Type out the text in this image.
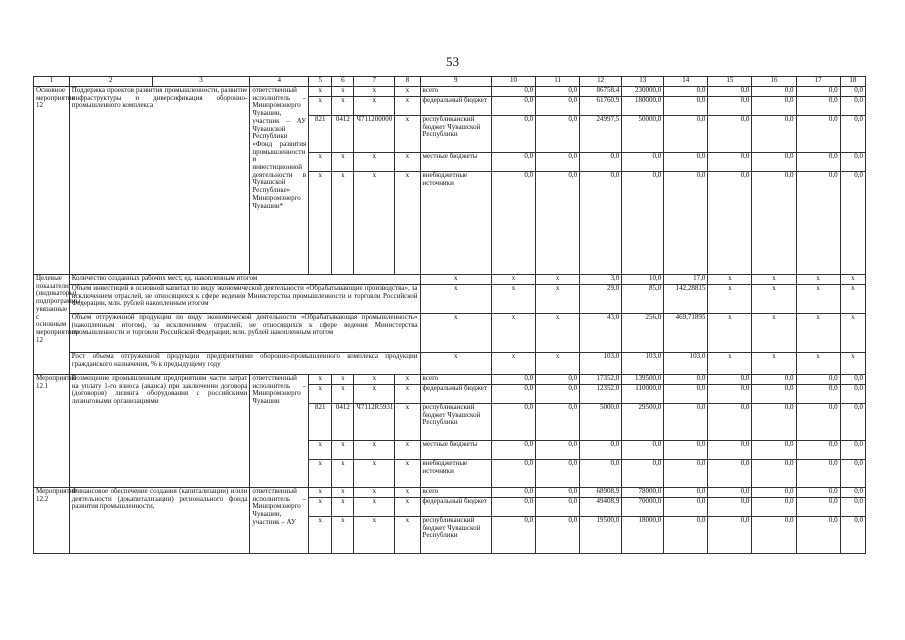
53
1	2	3	4	5	6	7	8	9	10	11	12	13	14	15	16	17	18
Основное мероприятие 12	Поддержка проектов развития промышленности, развитие инфраструктуры и диверсификация оборонно-промышленного комплекса		ответственный исполнитель – Минпромэнерго Чувашии, участник – АУ Чувашской Республики «Фонд развития промышленности и инвестиционной деятельности в Чувашской Республике» Минпромэнерго Чувашии*	x	x	x	x	всего	0,0	0,0	86758,4	230000,0	0,0	0,0	0,0	0,0	0,0
				x	x	x	x	федеральный бюджет	0,0	0,0	61760,9	180000,0	0,0	0,0	0,0	0,0	0,0
				821	0412	Ч711200000	x	республиканский бюджет Чувашской Республики	0,0	0,0	24997,5	50000,0	0,0	0,0	0,0	0,0	0,0
				x	x	x	x	местные бюджеты	0,0	0,0	0,0	0,0	0,0	0,0	0,0	0,0	0,0
				x	x	x	x	внебюджетные источники	0,0	0,0	0,0	0,0	0,0	0,0	0,0	0,0	0,0
Целевые показатели (индикаторы) подпрограммы, увязанные с основным мероприятием 12	Количество созданных рабочих мест, ед. накопленным итогом							x	x	x	3,0	10,0	17,0	x	x	x	x
	Объем инвестиций в основной капитал по виду экономической деятельности «Обрабатывающие производства», за исключением отраслей, не относящихся к сфере ведения Министерства промышленности и торговли Российской Федерации, млн. рублей накопленным итогом							x	x	x	29,0	85,0	142,28815	x	x	x	x
	Объем отгруженной продукции по виду экономической деятельности «Обрабатывающая промышленность» (накопленным итогом), за исключением отраслей, не относящихся к сфере ведения Министерства промышленности и торговли Российской Федерации, млн. рублей накопленным итогом							x	x	x	43,0	256,0	469,71895	x	x	x	x
	Рост объема отгруженной продукции предприятиями оборонно-промышленного комплекса продукции гражданского назначения, % к предыдущему году							x	x	x	103,0	103,0	103,0	x	x	x	x
Мероприятие 12.1	Возмещение промышленным предприятиям части затрат на уплату 1-го взноса (аванса) при заключении договора (договоров) лизинга оборудования с российскими лизинговыми организациями		ответственный исполнитель – Минпромэнерго Чувашии	x	x	x	x	всего	0,0	0,0	17352,0	139500,0	0,0	0,0	0,0	0,0	0,0
				x	x	x	x	федеральный бюджет	0,0	0,0	12352,0	110000,0	0,0	0,0	0,0	0,0	0,0
				821	0412	Ч7112R5931	x	республиканский бюджет Чувашской Республики	0,0	0,0	5000,0	29500,0	0,0	0,0	0,0	0,0	0,0
				x	x	x	x	местные бюджеты	0,0	0,0	0,0	0,0	0,0	0,0	0,0	0,0	0,0
				x	x	x	x	внебюджетные источники	0,0	0,0	0,0	0,0	0,0	0,0	0,0	0,0	0,0
Мероприятие 12.2	Финансовое обеспечение создания (капитализации) и/или деятельности (докапитализации) регионального фонда развития промышленности,		ответственный исполнитель – Минпромэнерго Чувашии, участник – АУ	x	x	x	x	всего	0,0	0,0	68908,9	78000,0	0,0	0,0	0,0	0,0	0,0
				x	x	x	x	федеральный бюджет	0,0	0,0	49408,9	70000,0	0,0	0,0	0,0	0,0	0,0
				x	x	x	x	республиканский бюджет Чувашской Республики	0,0	0,0	19500,0	18000,0	0,0	0,0	0,0	0,0	0,0
